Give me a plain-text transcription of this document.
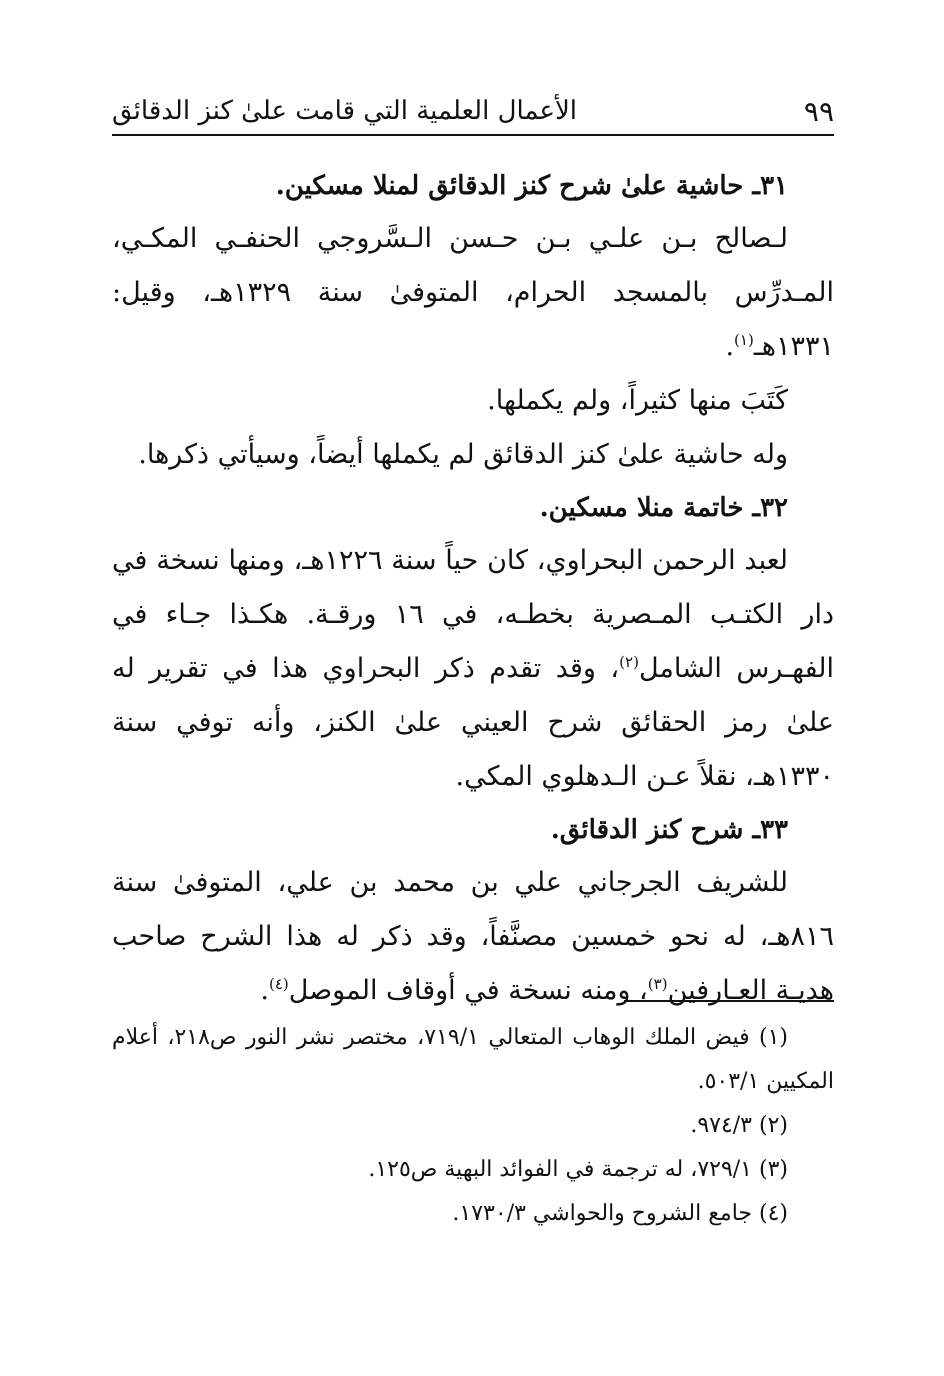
الأعمال العلمية التي قامت علىٰ كنز الدقائق	٩٩

٣١ـ حاشية علىٰ شرح كنز الدقائق لمنلا مسكين.

لـصالح بـن علـي بـن حـسن الـسَّروجي الحنفـي المكـي، المـدرِّس بالمسجد الحرام، المتوفىٰ سنة ١٣٢٩هـ، وقيل: ١٣٣١هـ$^{(١)}$.

كَتَبَ منها كثيراً، ولم يكملها.

وله حاشية علىٰ كنز الدقائق لم يكملها أيضاً، وسيأتي ذكرها.

٣٢ـ خاتمة منلا مسكين.

لعبد الرحمن البحراوي، كان حياً سنة ١٢٢٦هـ، ومنها نسخة في دار الكتـب المـصرية بخطـه، في ١٦ ورقـة. هكـذا جـاء في الفهـرس الشامل$^{(٢)}$، وقد تقدم ذكر البحراوي هذا في تقرير له علىٰ رمز الحقائق شرح العيني علىٰ الكنز، وأنه توفي سنة ١٣٣٠هـ، نقلاً عـن الـدهلوي المكي.

٣٣ـ شرح كنز الدقائق.

للشريف الجرجاني علي بن محمد بن علي، المتوفىٰ سنة ٨١٦هـ، له نحو خمسين مصنَّفاً، وقد ذكر له هذا الشرح صاحب هديـة العـارفين$^{(٣)}$، ومنه نسخة في أوقاف الموصل$^{(٤)}$.

(١) فيض الملك الوهاب المتعالي ٧١٩/١، مختصر نشر النور ص٢١٨، أعلام المكيين ٥٠٣/١.

(٢) ٩٧٤/٣.

(٣) ٧٢٩/١، له ترجمة في الفوائد البهية ص١٢٥.

(٤) جامع الشروح والحواشي ١٧٣٠/٣.
